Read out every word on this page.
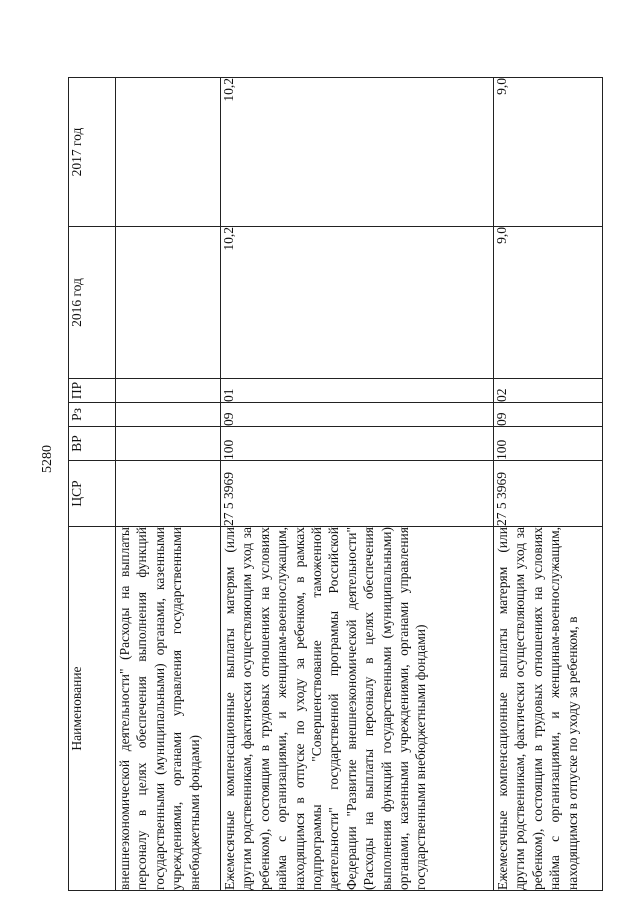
5280
Наименование	ЦСР	ВР	Рз	ПР	2016 год	2017 год
внешнеэкономической деятельности" (Расходы на выплаты персоналу в целях обеспечения выполнения функций государственными (муниципальными) органами, казенными учреждениями, органами управления государственными внебюджетными фондами)	

Ежемесячные компенсационные выплаты матерям (или другим родственникам, фактически осуществляющим уход за ребенком), состоящим в трудовых отношениях на условиях найма с организациями, и женщинам-военнослужащим, находящимся в отпуске по уходу за ребенком, в рамках подпрограммы "Совершенствование таможенной деятельности" государственной программы Российской Федерации "Развитие внешнеэкономической деятельности" (Расходы на выплаты персоналу в целях обеспечения выполнения функций государственными (муниципальными) органами, казенными учреждениями, органами управления государственными внебюджетными фондами)	27 5 3969	100	09	01	10,2	10,2
Ежемесячные компенсационные выплаты матерям (или другим родственникам, фактически осуществляющим уход за ребенком), состоящим в трудовых отношениях на условиях найма с организациями, и женщинам-военнослужащим, находящимся в отпуске по уходу за ребенком, в	27 5 3969	100	09	02	9,0	9,0
